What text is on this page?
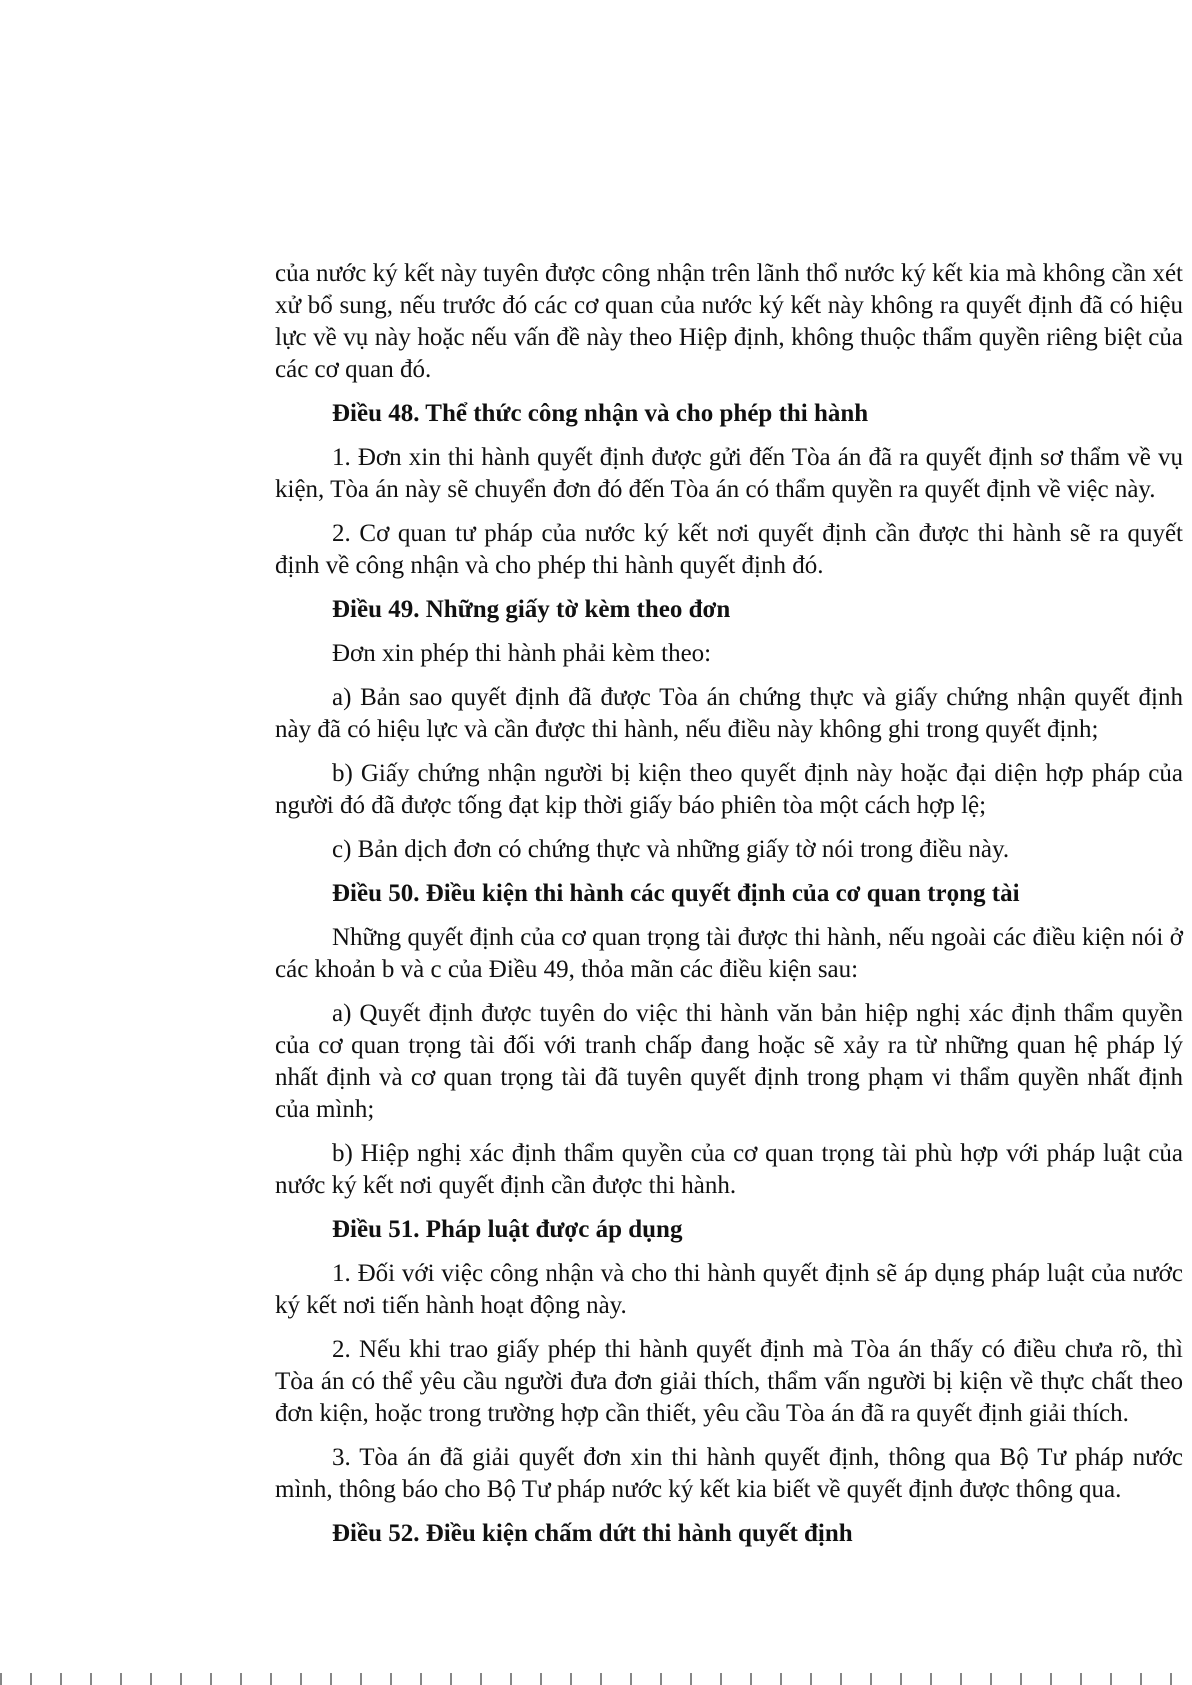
của nước ký kết này tuyên được công nhận trên lãnh thổ nước ký kết kia mà không cần xét xử bổ sung, nếu trước đó các cơ quan của nước ký kết này không ra quyết định đã có hiệu lực về vụ này hoặc nếu vấn đề này theo Hiệp định, không thuộc thẩm quyền riêng biệt của các cơ quan đó.

Điều 48. Thể thức công nhận và cho phép thi hành

1. Đơn xin thi hành quyết định được gửi đến Tòa án đã ra quyết định sơ thẩm về vụ kiện, Tòa án này sẽ chuyển đơn đó đến Tòa án có thẩm quyền ra quyết định về việc này.

2. Cơ quan tư pháp của nước ký kết nơi quyết định cần được thi hành sẽ ra quyết định về công nhận và cho phép thi hành quyết định đó.

Điều 49. Những giấy tờ kèm theo đơn

Đơn xin phép thi hành phải kèm theo:

a) Bản sao quyết định đã được Tòa án chứng thực và giấy chứng nhận quyết định này đã có hiệu lực và cần được thi hành, nếu điều này không ghi trong quyết định;

b) Giấy chứng nhận người bị kiện theo quyết định này hoặc đại diện hợp pháp của người đó đã được tống đạt kịp thời giấy báo phiên tòa một cách hợp lệ;

c) Bản dịch đơn có chứng thực và những giấy tờ nói trong điều này.

Điều 50. Điều kiện thi hành các quyết định của cơ quan trọng tài

Những quyết định của cơ quan trọng tài được thi hành, nếu ngoài các điều kiện nói ở các khoản b và c của Điều 49, thỏa mãn các điều kiện sau:

a) Quyết định được tuyên do việc thi hành văn bản hiệp nghị xác định thẩm quyền của cơ quan trọng tài đối với tranh chấp đang hoặc sẽ xảy ra từ những quan hệ pháp lý nhất định và cơ quan trọng tài đã tuyên quyết định trong phạm vi thẩm quyền nhất định của mình;

b) Hiệp nghị xác định thẩm quyền của cơ quan trọng tài phù hợp với pháp luật của nước ký kết nơi quyết định cần được thi hành.

Điều 51. Pháp luật được áp dụng

1. Đối với việc công nhận và cho thi hành quyết định sẽ áp dụng pháp luật của nước ký kết nơi tiến hành hoạt động này.

2. Nếu khi trao giấy phép thi hành quyết định mà Tòa án thấy có điều chưa rõ, thì Tòa án có thể yêu cầu người đưa đơn giải thích, thẩm vấn người bị kiện về thực chất theo đơn kiện, hoặc trong trường hợp cần thiết, yêu cầu Tòa án đã ra quyết định giải thích.

3. Tòa án đã giải quyết đơn xin thi hành quyết định, thông qua Bộ Tư pháp nước mình, thông báo cho Bộ Tư pháp nước ký kết kia biết về quyết định được thông qua.

Điều 52. Điều kiện chấm dứt thi hành quyết định
